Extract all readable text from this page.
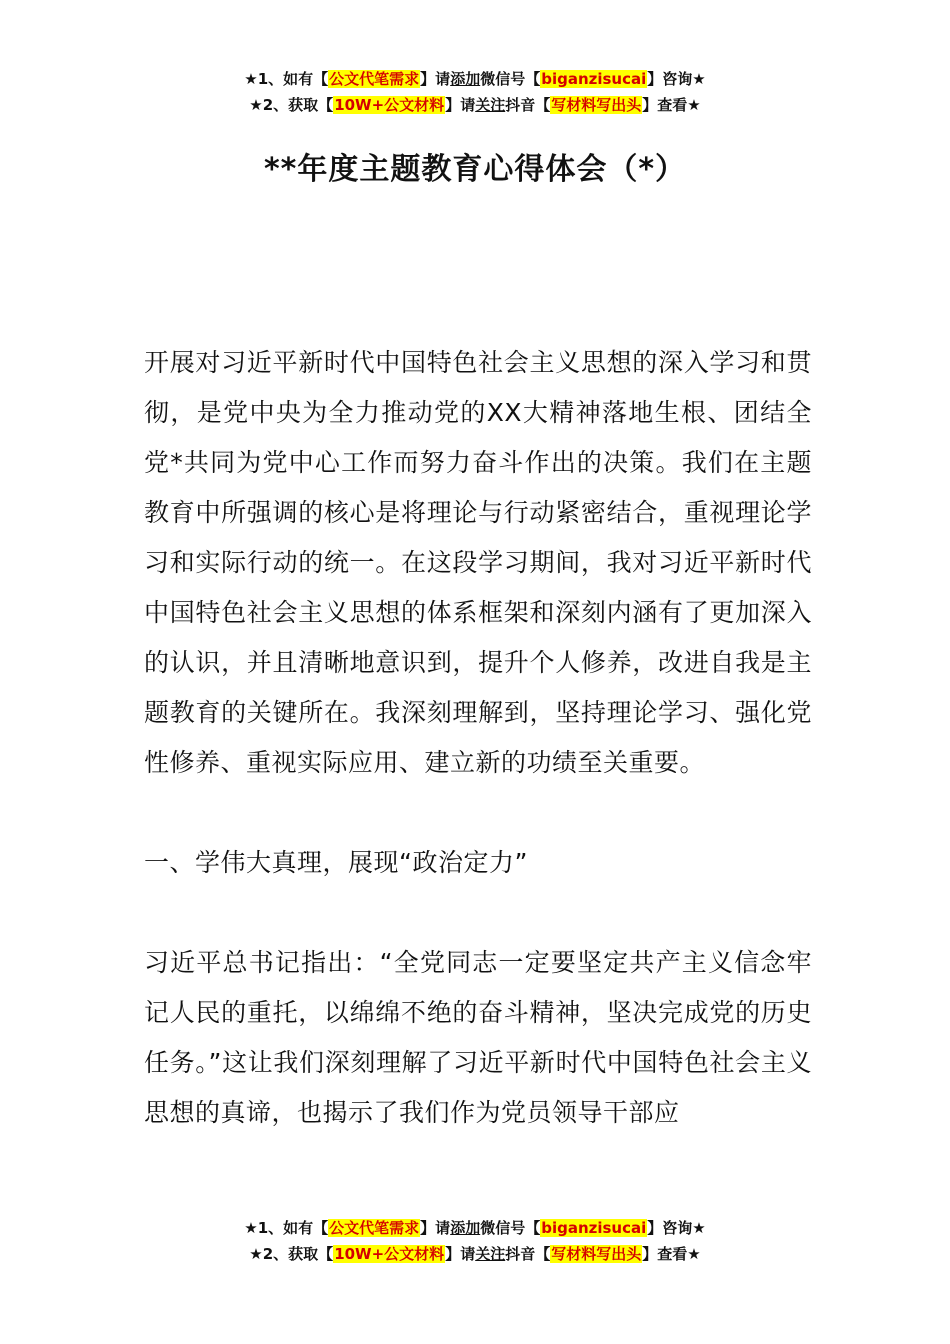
★1、如有【公文代笔需求】请添加微信号【biganzisucai】咨询★
★2、获取【10W+公文材料】请关注抖音【写材料写出头】查看★
**年度主题教育心得体会（*）

开展对习近平新时代中国特色社会主义思想的深入学习和贯彻，是党中央为全力推动党的XX大精神落地生根、团结全党*共同为党中心工作而努力奋斗作出的决策。我们在主题教育中所强调的核心是将理论与行动紧密结合，重视理论学习和实际行动的统一。在这段学习期间，我对习近平新时代中国特色社会主义思想的体系框架和深刻内涵有了更加深入的认识，并且清晰地意识到，提升个人修养，改进自我是主题教育的关键所在。我深刻理解到，坚持理论学习、强化党性修养、重视实际应用、建立新的功绩至关重要。

一、学伟大真理，展现“政治定力”

习近平总书记指出：“全党同志一定要坚定共产主义信念牢记人民的重托，以绵绵不绝的奋斗精神，坚决完成党的历史任务。”这让我们深刻理解了习近平新时代中国特色社会主义思想的真谛，也揭示了我们作为党员领导干部应

★1、如有【公文代笔需求】请添加微信号【biganzisucai】咨询★
★2、获取【10W+公文材料】请关注抖音【写材料写出头】查看★
